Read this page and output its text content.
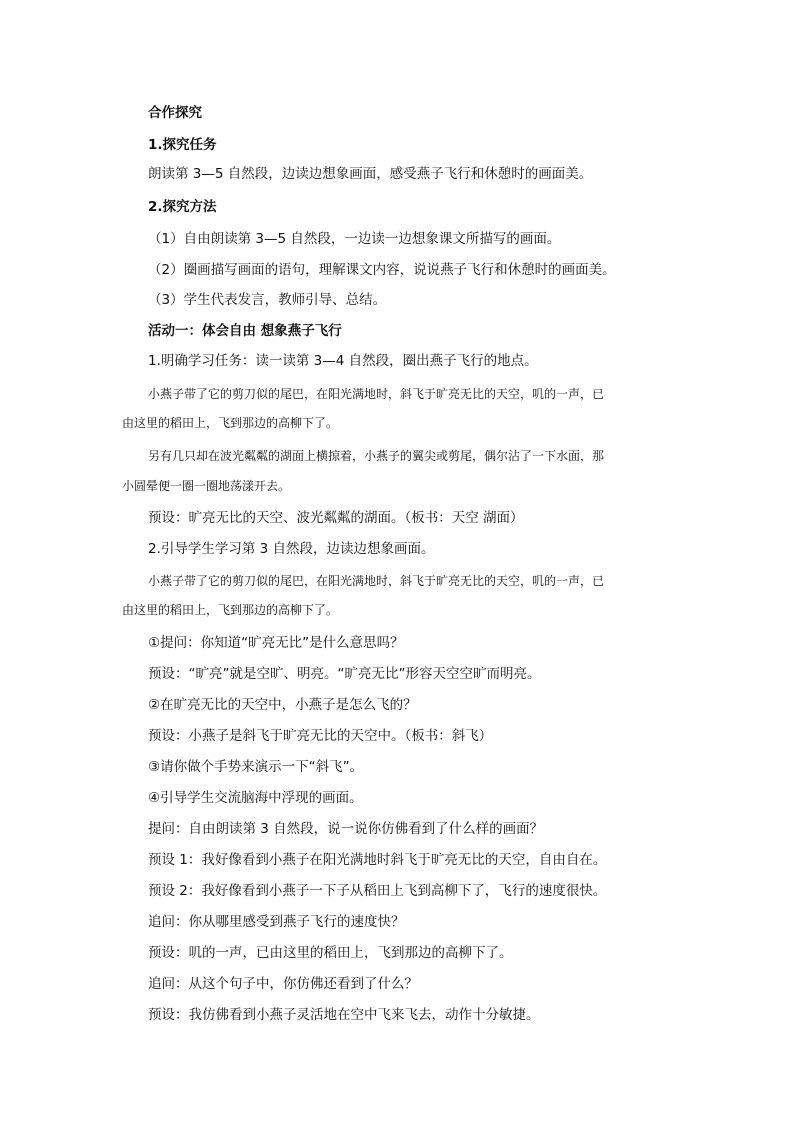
合作探究

1.探究任务

朗读第 3—5 自然段，边读边想象画面，感受燕子飞行和休憩时的画面美。

2.探究方法

（1）自由朗读第 3—5 自然段，一边读一边想象课文所描写的画面。

（2）圈画描写画面的语句，理解课文内容，说说燕子飞行和休憩时的画面美。

（3）学生代表发言，教师引导、总结。

活动一：体会自由 想象燕子飞行

1.明确学习任务：读一读第 3—4 自然段，圈出燕子飞行的地点。

小燕子带了它的剪刀似的尾巴，在阳光满地时，斜飞于旷亮无比的天空，叽的一声，已

由这里的稻田上，飞到那边的高柳下了。

另有几只却在波光粼粼的湖面上横掠着，小燕子的翼尖或剪尾，偶尔沾了一下水面，那

小圆晕便一圈一圈地荡漾开去。

预设：旷亮无比的天空、波光粼粼的湖面。（板书：天空 湖面）

2.引导学生学习第 3 自然段，边读边想象画面。

小燕子带了它的剪刀似的尾巴，在阳光满地时，斜飞于旷亮无比的天空，叽的一声，已

由这里的稻田上，飞到那边的高柳下了。

①提问：你知道“旷亮无比”是什么意思吗？

预设：“旷亮”就是空旷、明亮。“旷亮无比”形容天空空旷而明亮。

②在旷亮无比的天空中，小燕子是怎么飞的？

预设：小燕子是斜飞于旷亮无比的天空中。（板书：斜飞）

③请你做个手势来演示一下“斜飞”。

④引导学生交流脑海中浮现的画面。

提问：自由朗读第 3 自然段，说一说你仿佛看到了什么样的画面？

预设 1：我好像看到小燕子在阳光满地时斜飞于旷亮无比的天空，自由自在。

预设 2：我好像看到小燕子一下子从稻田上飞到高柳下了，飞行的速度很快。

追问：你从哪里感受到燕子飞行的速度快？

预设：叽的一声，已由这里的稻田上，飞到那边的高柳下了。

追问：从这个句子中，你仿佛还看到了什么？

预设：我仿佛看到小燕子灵活地在空中飞来飞去，动作十分敏捷。
